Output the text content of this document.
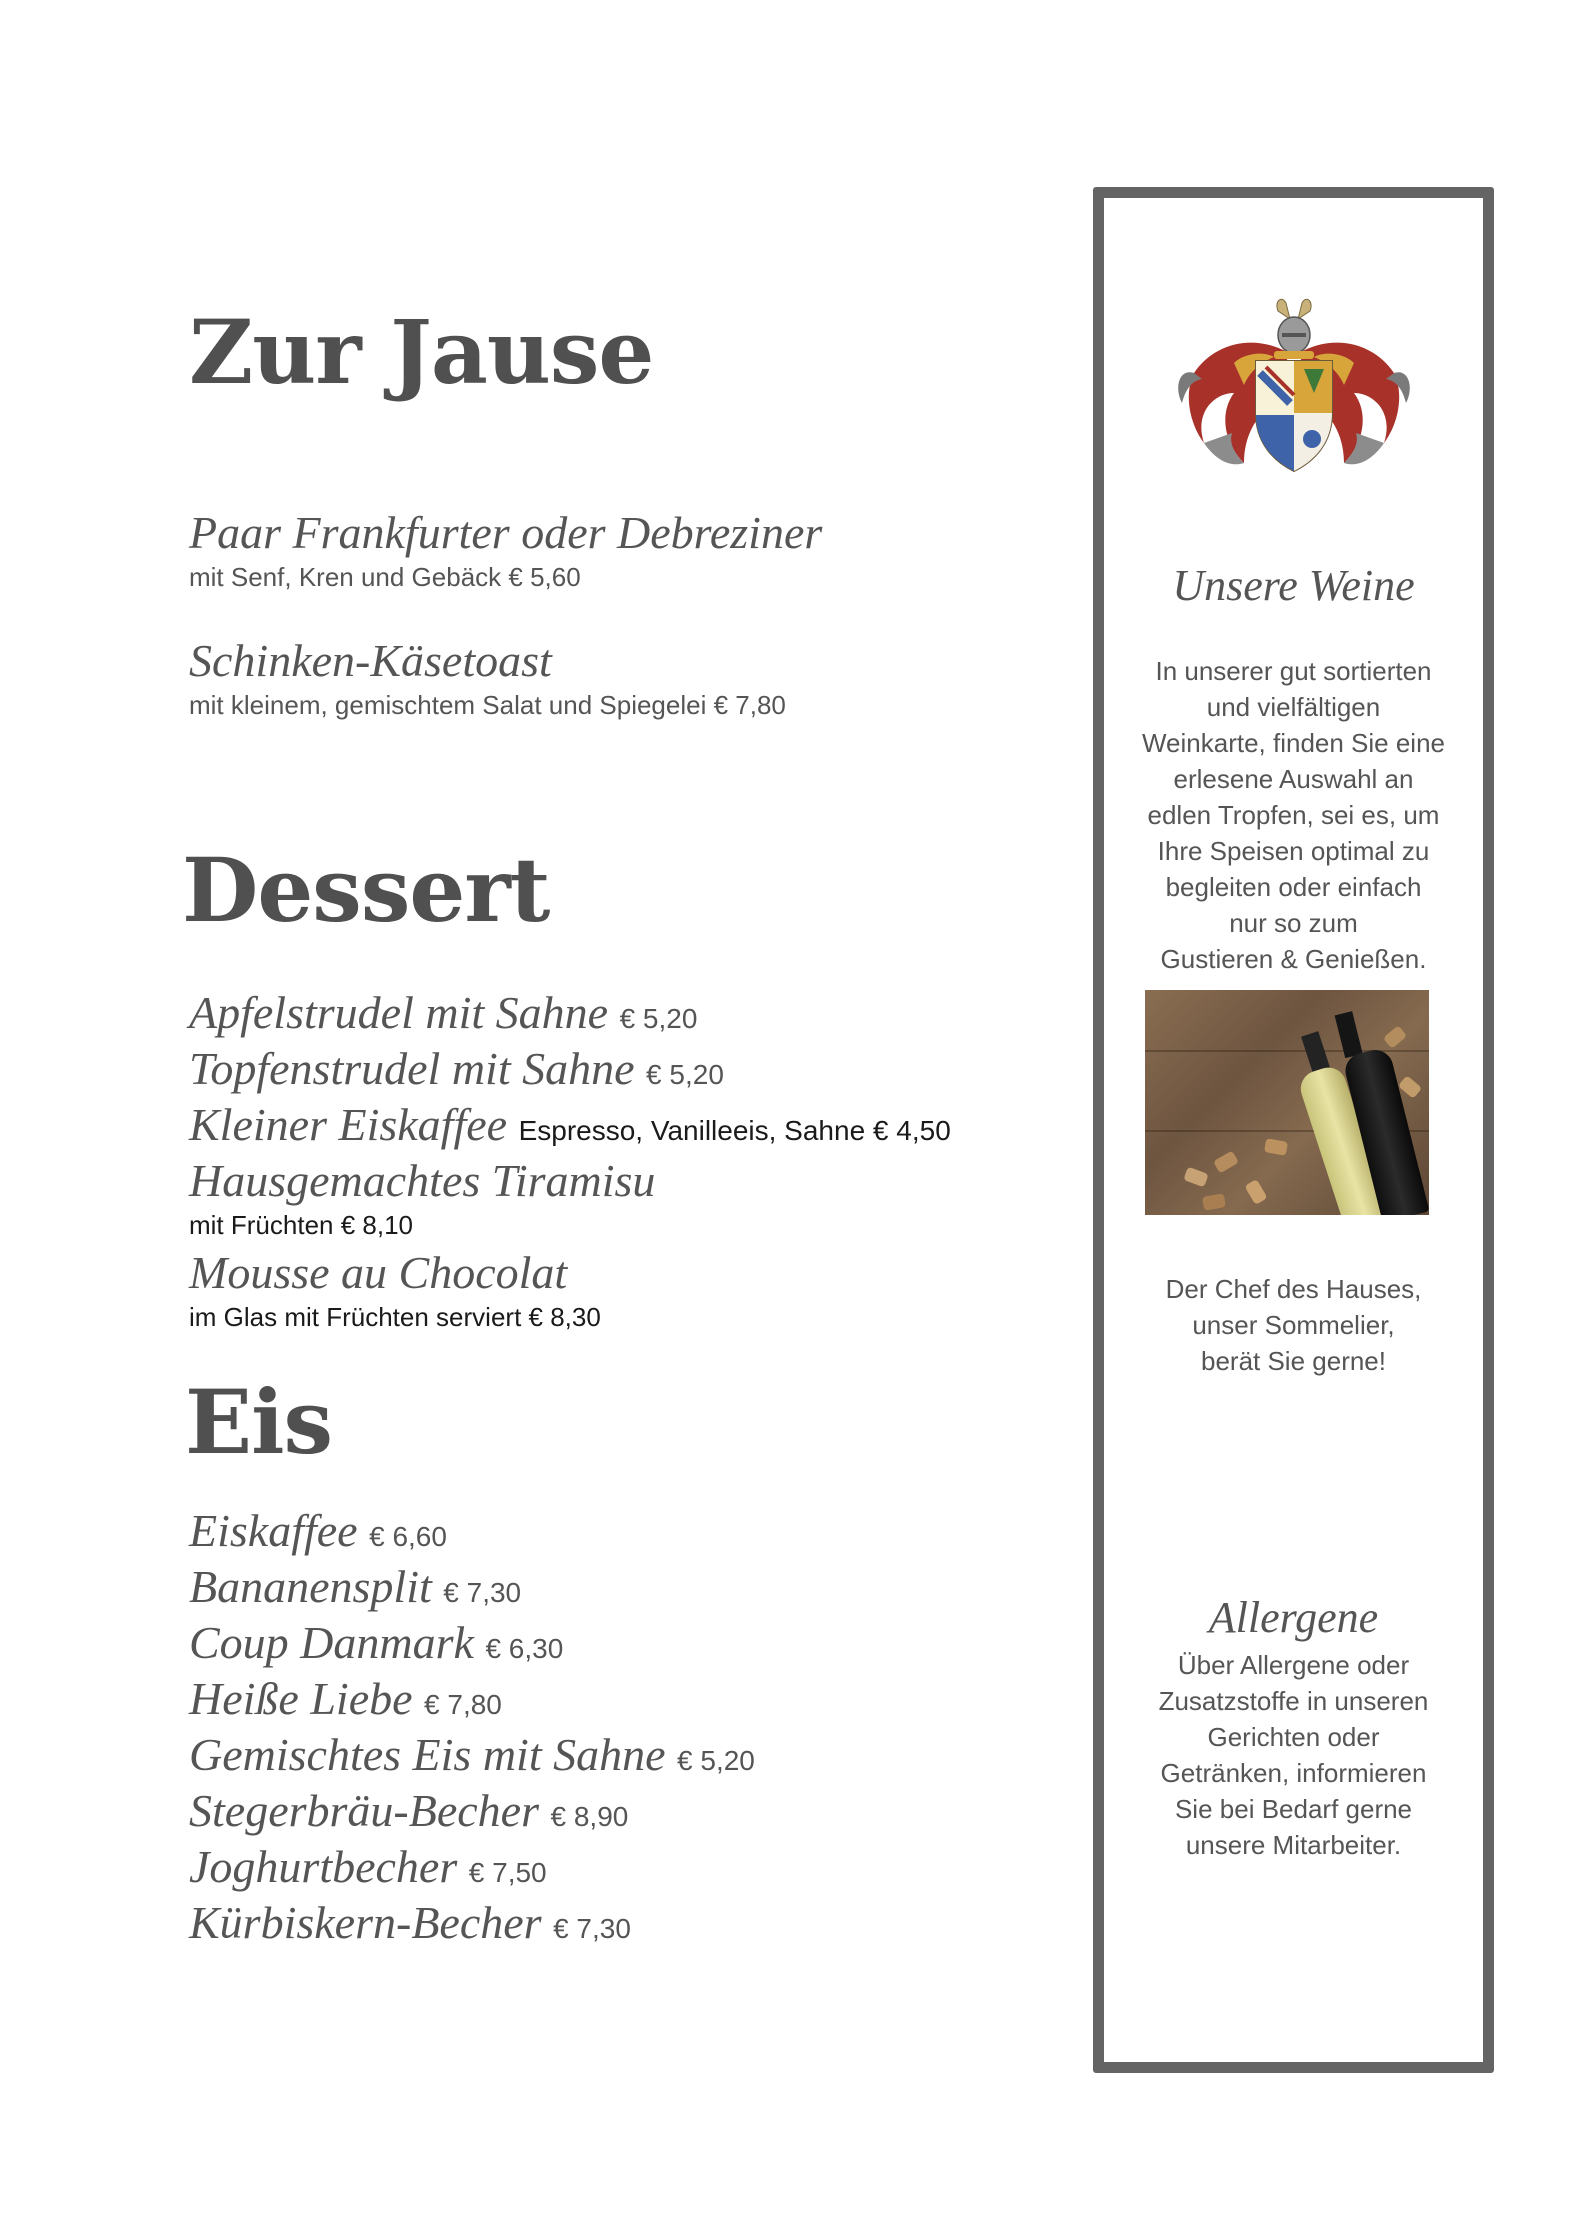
Zur Jause
Paar Frankfurter oder Debreziner
mit Senf, Kren und Gebäck € 5,60
Schinken-Käsetoast
mit kleinem, gemischtem Salat und Spiegelei € 7,80
Dessert
Apfelstrudel mit Sahne € 5,20
Topfenstrudel mit Sahne € 5,20
Kleiner Eiskaffee Espresso, Vanilleeis, Sahne € 4,50
Hausgemachtes Tiramisu
mit Früchten € 8,10
Mousse au Chocolat
im Glas mit Früchten serviert € 8,30
Eis
Eiskaffee € 6,60
Bananensplit € 7,30
Coup Danmark € 6,30
Heiße Liebe € 7,80
Gemischtes Eis mit Sahne € 5,20
Stegerbräu-Becher € 8,90
Joghurtbecher € 7,50
Kürbiskern-Becher € 7,30
Unsere Weine
In unserer gut sortierten
und vielfältigen
Weinkarte, finden Sie eine
erlesene Auswahl an
edlen Tropfen, sei es, um
Ihre Speisen optimal zu
begleiten oder einfach
nur so zum
Gustieren & Genießen.
Der Chef des Hauses,
unser Sommelier,
berät Sie gerne!
Allergene
Über Allergene oder
Zusatzstoffe in unseren
Gerichten oder
Getränken, informieren
Sie bei Bedarf gerne
unsere Mitarbeiter.
